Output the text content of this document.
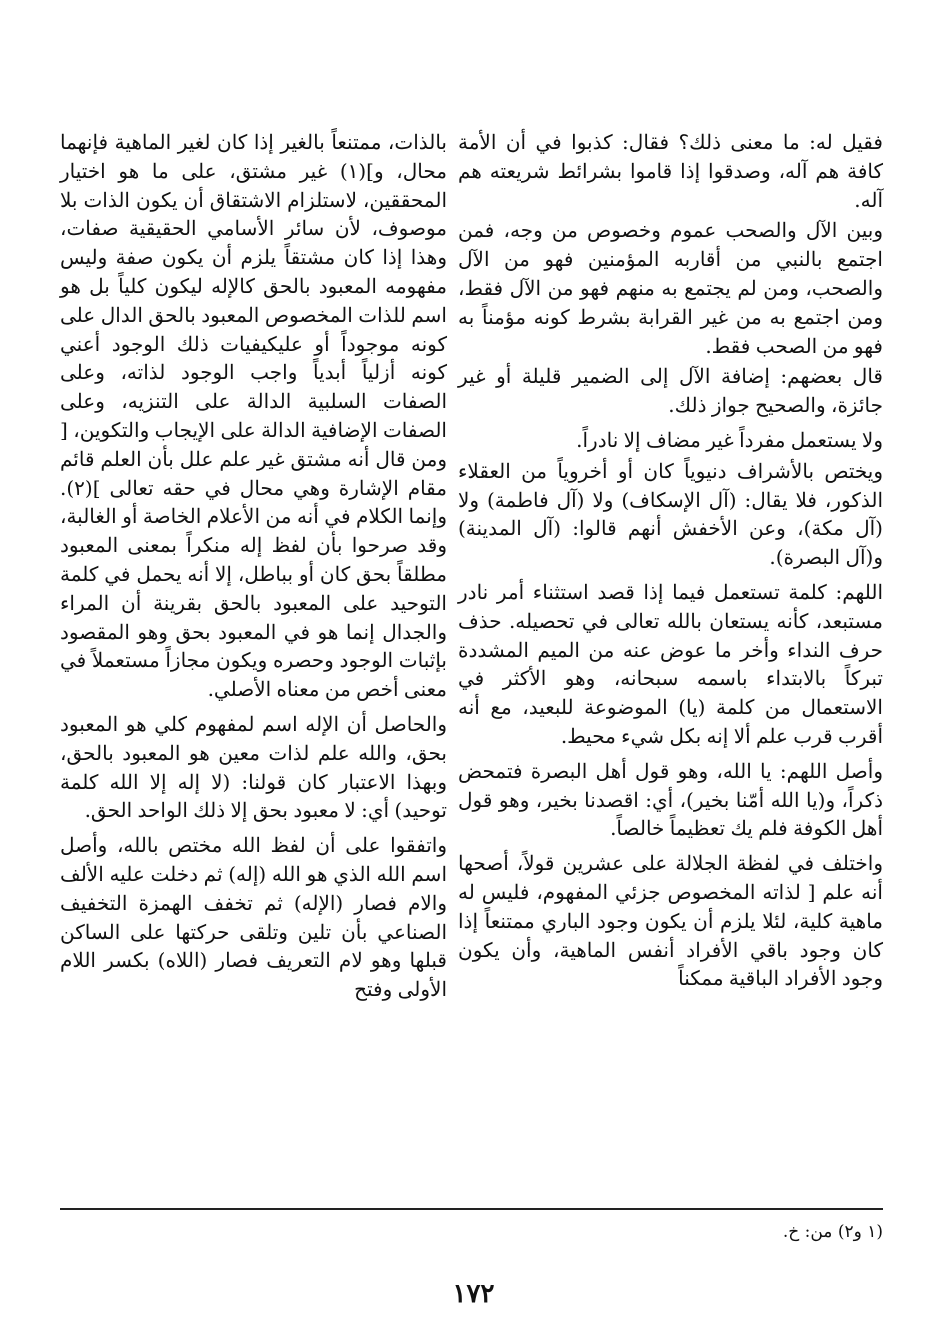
فقيل له: ما معنى ذلك؟ فقال: كذبوا في أن الأمة كافة هم آله، وصدقوا إذا قاموا بشرائط شريعته هم آله.

وبين الآل والصحب عموم وخصوص من وجه، فمن اجتمع بالنبي من أقاربه المؤمنين فهو من الآل والصحب، ومن لم يجتمع به منهم فهو من الآل فقط، ومن اجتمع به من غير القرابة بشرط كونه مؤمناً به فهو من الصحب فقط.

قال بعضهم: إضافة الآل إلى الضمير قليلة أو غير جائزة، والصحيح جواز ذلك.

ولا يستعمل مفرداً غير مضاف إلا نادراً.

ويختص بالأشراف دنيوياً كان أو أخروياً من العقلاء الذكور، فلا يقال: (آل الإسكاف) ولا (آل فاطمة) ولا (آل مكة)، وعن الأخفش أنهم قالوا: (آل المدينة) و(آل البصرة).

اللهم: كلمة تستعمل فيما إذا قصد استثناء أمر نادر مستبعد، كأنه يستعان بالله تعالى في تحصيله. حذف حرف النداء وأخر ما عوض عنه من الميم المشددة تبركاً بالابتداء باسمه سبحانه، وهو الأكثر في الاستعمال من كلمة (يا) الموضوعة للبعيد، مع أنه أقرب قرب علم ألا إنه بكل شيء محيط.

وأصل اللهم: يا الله، وهو قول أهل البصرة فتمحض ذكراً، و(يا الله أمّنا بخير)، أي: اقصدنا بخير، وهو قول أهل الكوفة فلم يك تعظيماً خالصاً.

واختلف في لفظة الجلالة على عشرين قولاً، أصحها أنه علم [ لذاته المخصوص جزئي المفهوم، فليس له ماهية كلية، لئلا يلزم أن يكون وجود الباري ممتنعاً إذا كان وجود باقي الأفراد أنفس الماهية، وأن يكون وجود الأفراد الباقية ممكناً

بالذات، ممتنعاً بالغير إذا كان لغير الماهية فإنهما محال، و](١) غير مشتق، على ما هو اختيار المحققين، لاستلزام الاشتقاق أن يكون الذات بلا موصوف، لأن سائر الأسامي الحقيقية صفات، وهذا إذا كان مشتقاً يلزم أن يكون صفة وليس مفهومه المعبود بالحق كالإله ليكون كلياً بل هو اسم للذات المخصوص المعبود بالحق الدال على كونه موجوداً أو عليكيفيات ذلك الوجود أعني كونه أزلياً أبدياً واجب الوجود لذاته، وعلى الصفات السلبية الدالة على التنزيه، وعلى الصفات الإضافية الدالة على الإيجاب والتكوين، [ ومن قال أنه مشتق غير علم علل بأن العلم قائم مقام الإشارة وهي محال في حقه تعالى ](٢). وإنما الكلام في أنه من الأعلام الخاصة أو الغالبة، وقد صرحوا بأن لفظ إله منكراً بمعنى المعبود مطلقاً بحق كان أو بباطل، إلا أنه يحمل في كلمة التوحيد على المعبود بالحق بقرينة أن المراء والجدال إنما هو في المعبود بحق وهو المقصود بإثبات الوجود وحصره ويكون مجازاً مستعملاً في معنى أخص من معناه الأصلي.

والحاصل أن الإله اسم لمفهوم كلي هو المعبود بحق، والله علم لذات معين هو المعبود بالحق، وبهذا الاعتبار كان قولنا: (لا إله إلا الله كلمة توحيد) أي: لا معبود بحق إلا ذلك الواحد الحق.

واتفقوا على أن لفظ الله مختص بالله، وأصل اسم الله الذي هو الله (إله) ثم دخلت عليه الألف والام فصار (الإله) ثم تخفف الهمزة التخفيف الصناعي بأن تلين وتلقى حركتها على الساكن قبلها وهو لام التعريف فصار (اللاه) بكسر اللام الأولى وفتح

(١ و٢) من: خ.
١٧٢
